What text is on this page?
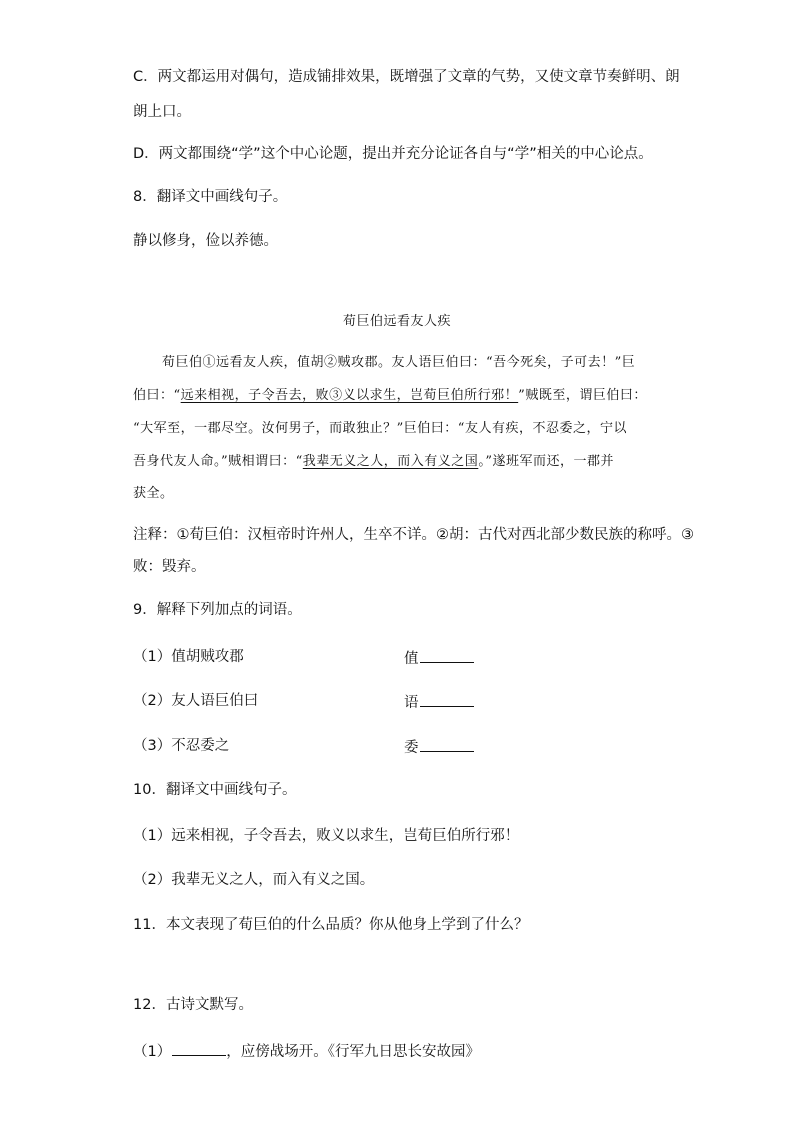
C．两文都运用对偶句，造成铺排效果，既增强了文章的气势，又使文章节奏鲜明、朗
朗上口。
D．两文都围绕“学”这个中心论题，提出并充分论证各自与“学”相关的中心论点。
8．翻译文中画线句子。
静以修身，俭以养德。
荀巨伯远看友人疾
荀巨伯①远看友人疾，值胡②贼攻郡。友人语巨伯曰：“吾今死矣，子可去！”巨
伯曰：“远来相视，子令吾去，败③义以求生，岂荀巨伯所行邪！”贼既至，谓巨伯曰：
“大军至，一郡尽空。汝何男子，而敢独止？”巨伯曰：“友人有疾，不忍委之，宁以
吾身代友人命。”贼相谓曰：“我辈无义之人，而入有义之国。”遂班军而还，一郡并
获全。
注释：①荀巨伯：汉桓帝时许州人，生卒不详。②胡：古代对西北部少数民族的称呼。③
败：毁弃。
9．解释下列加点的词语。
（1）值胡贼攻郡	值
（2）友人语巨伯曰	语
（3）不忍委之	委
10．翻译文中画线句子。
（1）远来相视，子令吾去，败义以求生，岂荀巨伯所行邪！
（2）我辈无义之人，而入有义之国。
11．本文表现了荀巨伯的什么品质？你从他身上学到了什么？
12．古诗文默写。
（1）	，应傍战场开。《行军九日思长安故园》
